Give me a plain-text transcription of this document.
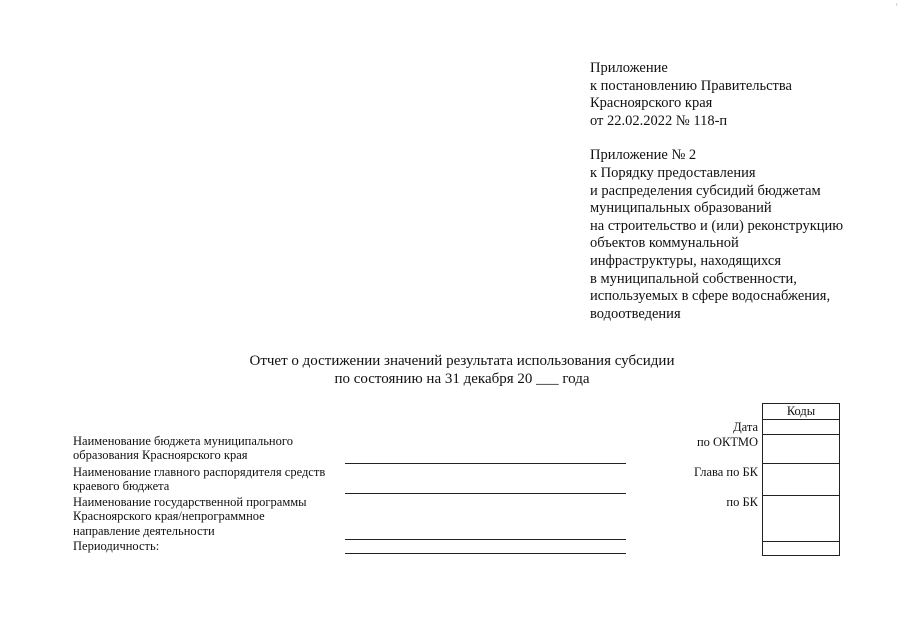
'

Приложение

к постановлению Правительства

Красноярского края

от 22.02.2022 № 118-п

Приложение № 2

к Порядку предоставления

и распределения субсидий бюджетам

муниципальных образований

на строительство и (или) реконструкцию

объектов коммунальной

инфраструктуры, находящихся

в муниципальной собственности,

используемых в сфере водоснабжения,

водоотведения

Отчет о достижении значений результата использования субсидии
по состоянию на 31 декабря 20 ___ года
Наименование бюджета муниципального
образования Красноярского края
Наименование главного распорядителя средств
краевого бюджета
Наименование государственной программы
Красноярского края/непрограммное
направление деятельности
Периодичность:
Дата
по ОКТМО
Глава по БК
по БК
Коды
